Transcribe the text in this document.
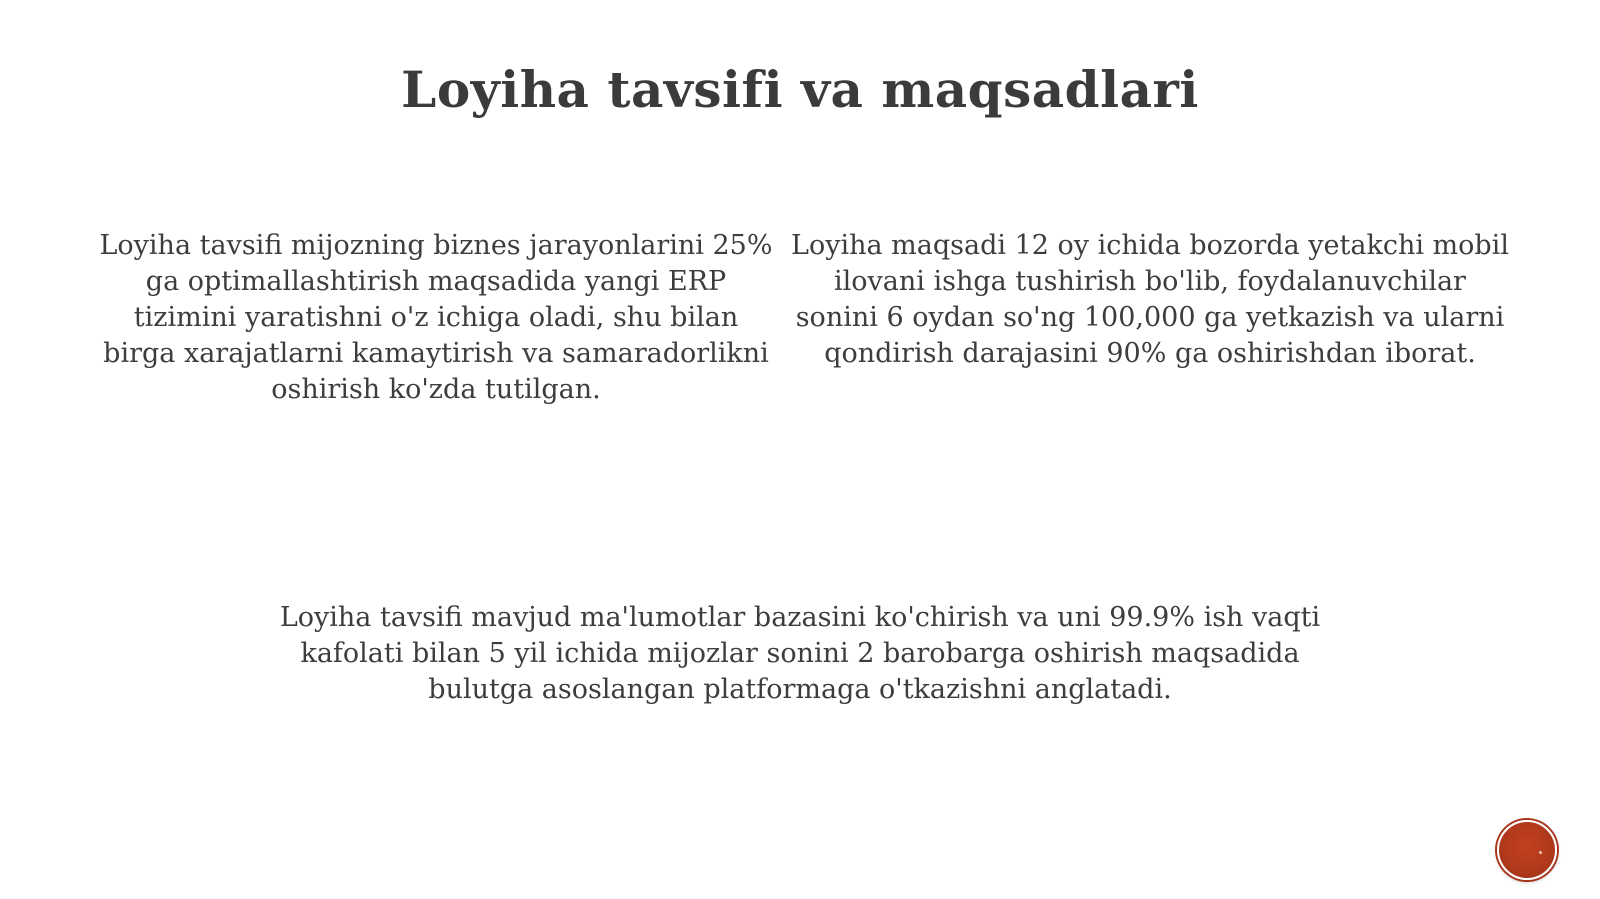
Loyiha tavsifi va maqsadlari
Loyiha tavsifi mijozning biznes jarayonlarini 25% ga optimallashtirish maqsadida yangi ERP tizimini yaratishni o'z ichiga oladi, shu bilan birga xarajatlarni kamaytirish va samaradorlikni oshirish ko'zda tutilgan.
Loyiha maqsadi 12 oy ichida bozorda yetakchi mobil ilovani ishga tushirish bo'lib, foydalanuvchilar sonini 6 oydan so'ng 100,000 ga yetkazish va ularni qondirish darajasini 90% ga oshirishdan iborat.
Loyiha tavsifi mavjud ma'lumotlar bazasini ko'chirish va uni 99.9% ish vaqti kafolati bilan 5 yil ichida mijozlar sonini 2 barobarga oshirish maqsadida bulutga asoslangan platformaga o'tkazishni anglatadi.
